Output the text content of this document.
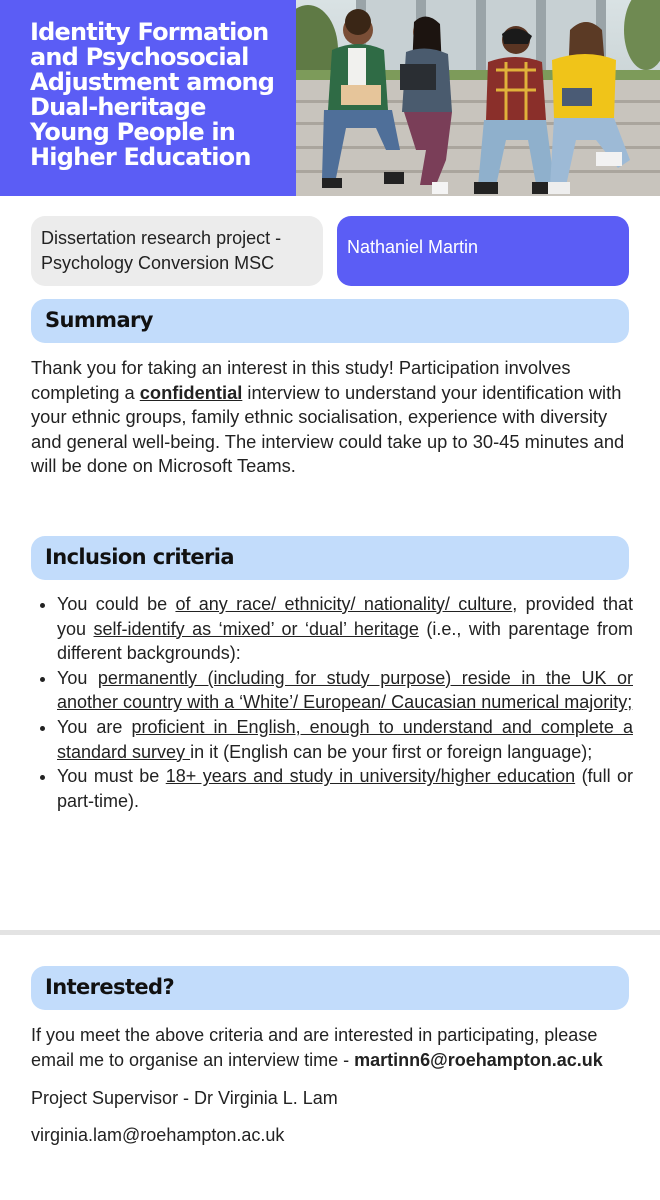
Identity Formation
and Psychosocial
Adjustment among
Dual-heritage
Young People in
Higher Education
Dissertation research project -
Psychology Conversion MSC
Nathaniel Martin
Summary
Thank you for taking an interest in this study! Participation involves completing a confidential interview to understand your identification with your ethnic groups, family ethnic socialisation, experience with diversity and general well-being. The interview could take up to 30-45 minutes and will be done on Microsoft Teams.
Inclusion criteria
• You could be of any race/ ethnicity/ nationality/ culture, provided that you self-identify as ‘mixed’ or ‘dual’ heritage (i.e., with parentage from different backgrounds):
• You permanently (including for study purpose) reside in the UK or another country with a ‘White’/ European/ Caucasian numerical majority;
• You are proficient in English, enough to understand and complete a standard survey in it (English can be your first or foreign language);
• You must be 18+ years and study in university/higher education (full or part-time).
Interested?
If you meet the above criteria and are interested in participating, please email me to organise an interview time - martinn6@roehampton.ac.uk
Project Supervisor - Dr Virginia L. Lam
virginia.lam@roehampton.ac.uk
